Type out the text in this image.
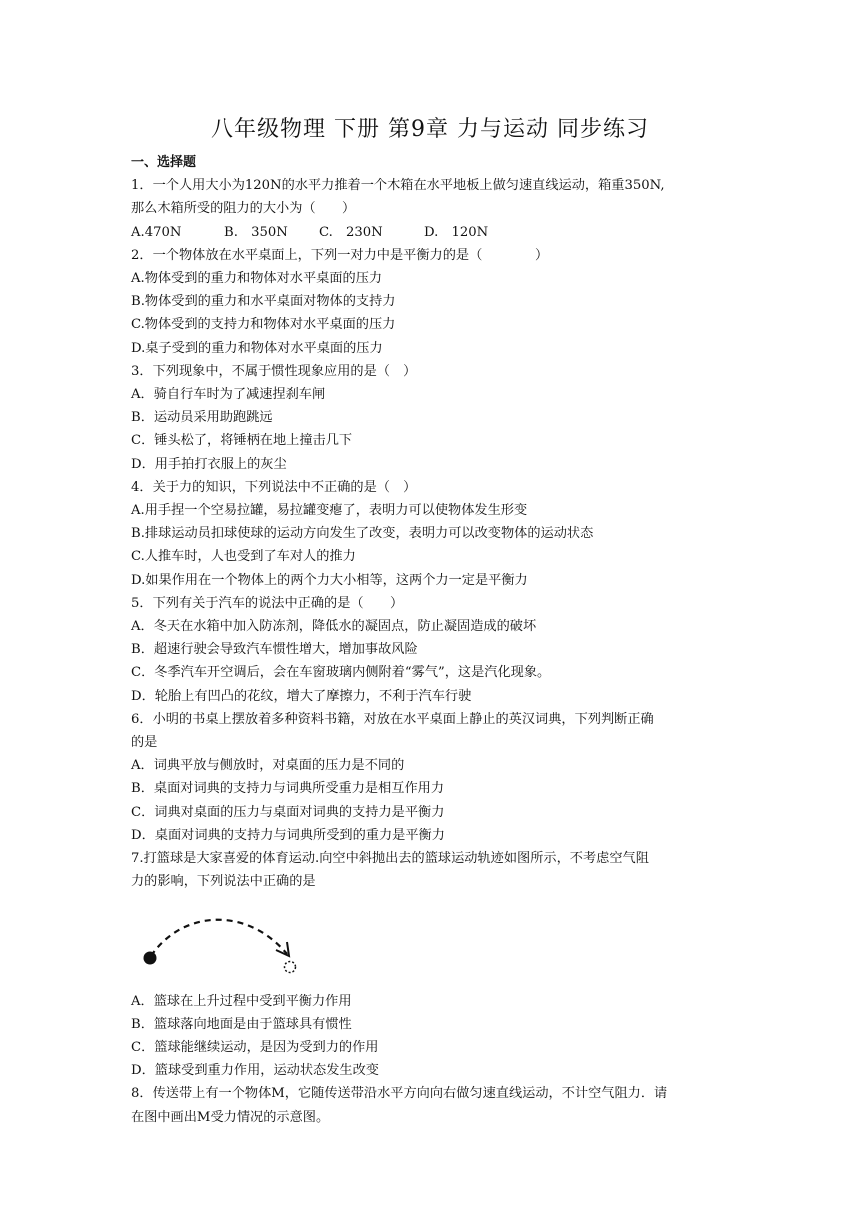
八年级物理 下册 第9章 力与运动 同步练习
一、选择题
1．一个人用大小为120N的水平力推着一个木箱在水平地板上做匀速直线运动，箱重350N,
那么木箱所受的阻力的大小为（　　）
A.470N	B.　350N	C.　230N	D.　120N
2．一个物体放在水平桌面上，下列一对力中是平衡力的是（　　　　）
A.物体受到的重力和物体对水平桌面的压力
B.物体受到的重力和水平桌面对物体的支持力
C.物体受到的支持力和物体对水平桌面的压力
D.桌子受到的重力和物体对水平桌面的压力
3．下列现象中，不属于惯性现象应用的是（　）
A．骑自行车时为了减速捏刹车闸
B．运动员采用助跑跳远
C．锤头松了，将锤柄在地上撞击几下
D．用手拍打衣服上的灰尘
4．关于力的知识，下列说法中不正确的是（　）
A.用手捏一个空易拉罐，易拉罐变瘪了，表明力可以使物体发生形变
B.排球运动员扣球使球的运动方向发生了改变，表明力可以改变物体的运动状态
C.人推车时，人也受到了车对人的推力
D.如果作用在一个物体上的两个力大小相等，这两个力一定是平衡力
5．下列有关于汽车的说法中正确的是（　　）
A．冬天在水箱中加入防冻剂，降低水的凝固点，防止凝固造成的破坏
B．超速行驶会导致汽车惯性增大，增加事故风险
C．冬季汽车开空调后，会在车窗玻璃内侧附着“雾气”，这是汽化现象。
D．轮胎上有凹凸的花纹，增大了摩擦力，不利于汽车行驶
6．小明的书桌上摆放着多种资料书籍，对放在水平桌面上静止的英汉词典，下列判断正确
的是
A．词典平放与侧放时，对桌面的压力是不同的
B．桌面对词典的支持力与词典所受重力是相互作用力
C．词典对桌面的压力与桌面对词典的支持力是平衡力
D．桌面对词典的支持力与词典所受到的重力是平衡力
7.打篮球是大家喜爱的体育运动.向空中斜抛出去的篮球运动轨迹如图所示，不考虑空气阻
力的影响，下列说法中正确的是
A．篮球在上升过程中受到平衡力作用
B．篮球落向地面是由于篮球具有惯性
C．篮球能继续运动，是因为受到力的作用
D．篮球受到重力作用，运动状态发生改变
8．传送带上有一个物体M，它随传送带沿水平方向向右做匀速直线运动，不计空气阻力．请
在图中画出M受力情况的示意图。
